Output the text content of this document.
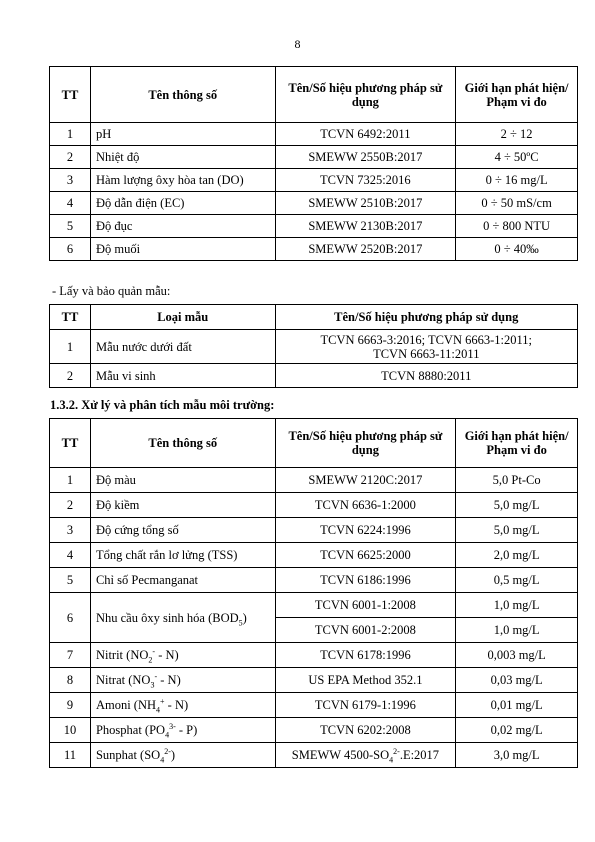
8
TT	Tên thông số	Tên/Số hiệu phương pháp sử dụng	Giới hạn phát hiện/ Phạm vi đo
1	pH	TCVN 6492:2011	2 ÷ 12
2	Nhiệt độ	SMEWW 2550B:2017	4 ÷ 50ºC
3	Hàm lượng ôxy hòa tan (DO)	TCVN 7325:2016	0 ÷ 16 mg/L
4	Độ dẫn điện (EC)	SMEWW 2510B:2017	0 ÷ 50 mS/cm
5	Độ đục	SMEWW 2130B:2017	0 ÷ 800 NTU
6	Độ muối	SMEWW 2520B:2017	0 ÷ 40‰
- Lấy và bảo quản mẫu:
TT	Loại mẫu	Tên/Số hiệu phương pháp sử dụng
1	Mẫu nước dưới đất	TCVN 6663-3:2016; TCVN 6663-1:2011; TCVN 6663-11:2011
2	Mẫu vi sinh	TCVN 8880:2011
1.3.2. Xử lý và phân tích mẫu môi trường:
TT	Tên thông số	Tên/Số hiệu phương pháp sử dụng	Giới hạn phát hiện/ Phạm vi đo
1	Độ màu	SMEWW 2120C:2017	5,0 Pt-Co
2	Độ kiềm	TCVN 6636-1:2000	5,0 mg/L
3	Độ cứng tổng số	TCVN 6224:1996	5,0 mg/L
4	Tổng chất rắn lơ lửng (TSS)	TCVN 6625:2000	2,0 mg/L
5	Chỉ số Pecmanganat	TCVN 6186:1996	0,5 mg/L
6	Nhu cầu ôxy sinh hóa $(BOD_5)$	TCVN 6001-1:2008	1,0 mg/L
		TCVN 6001-2:2008	1,0 mg/L
7	Nitrit $(NO_2^- - N)$	TCVN 6178:1996	0,003 mg/L
8	Nitrat $(NO_3^- - N)$	US EPA Method 352.1	0,03 mg/L
9	Amoni $(NH_4^+ - N)$	TCVN 6179-1:1996	0,01 mg/L
10	Phosphat $(PO_4^{3-} - P)$	TCVN 6202:2008	0,02 mg/L
11	Sunphat $(SO_4^{2-})$	SMEWW $4500-SO_4^{2-}.E:2017$	3,0 mg/L
